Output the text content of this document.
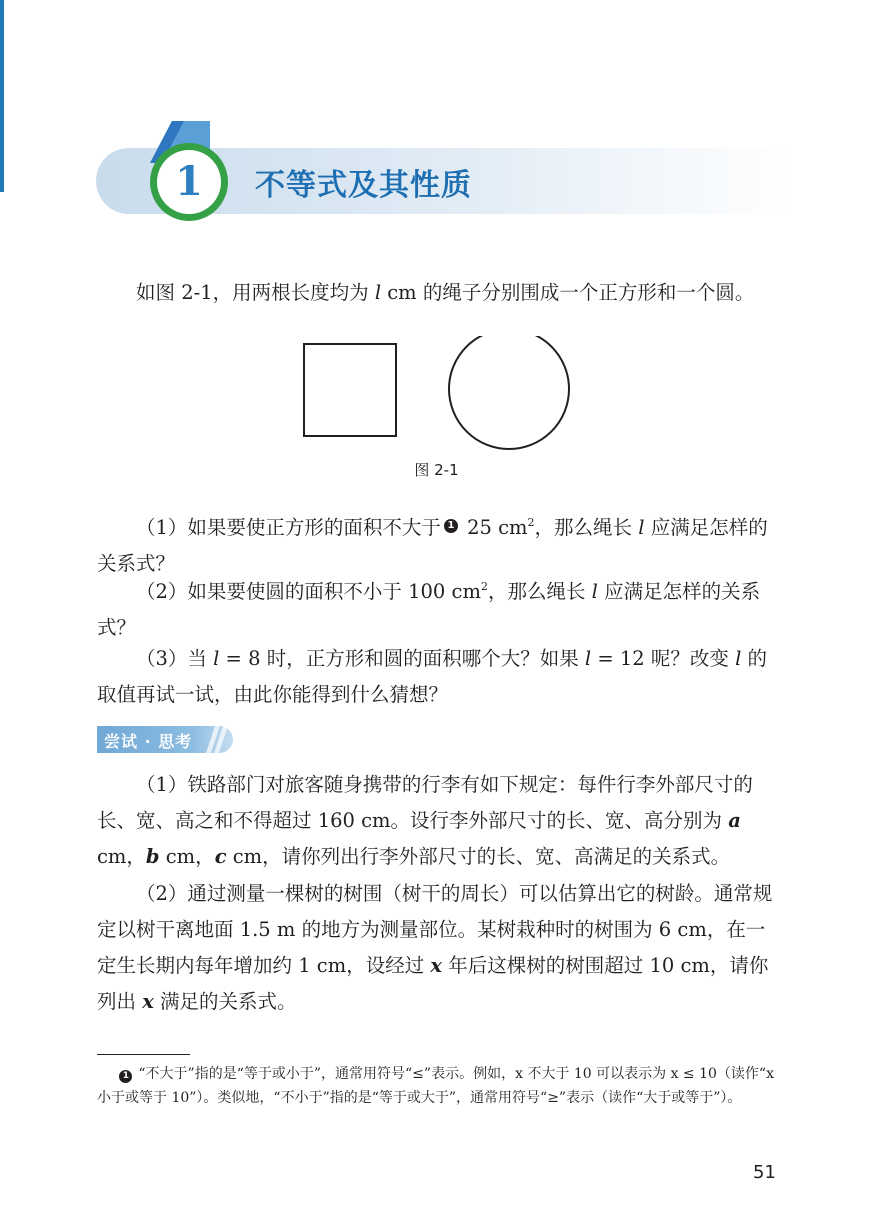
1 不等式及其性质
如图 2-1，用两根长度均为 l cm 的绳子分别围成一个正方形和一个圆。
图 2-1
（1）如果要使正方形的面积不大于 1 25 $cm^2$，那么绳长 l 应满足怎样的关系式？
（2）如果要使圆的面积不小于 100 $cm^2$，那么绳长 l 应满足怎样的关系式？
（3）当 l = 8 时，正方形和圆的面积哪个大？如果 l = 12 呢？改变 l 的取值再试一试，由此你能得到什么猜想？
尝试 · 思考
（1）铁路部门对旅客随身携带的行李有如下规定：每件行李外部尺寸的长、宽、高之和不得超过 160 cm。设行李外部尺寸的长、宽、高分别为 a cm，b cm，c cm，请你列出行李外部尺寸的长、宽、高满足的关系式。
（2）通过测量一棵树的树围（树干的周长）可以估算出它的树龄。通常规定以树干离地面 1.5 m 的地方为测量部位。某树栽种时的树围为 6 cm，在一定生长期内每年增加约 1 cm，设经过 x 年后这棵树的树围超过 10 cm，请你列出 x 满足的关系式。
1 “不大于”指的是“等于或小于”，通常用符号“≤”表示。例如，x 不大于 10 可以表示为 x ≤ 10（读作“x 小于或等于 10”）。类似地，“不小于”指的是“等于或大于”，通常用符号“≥”表示（读作“大于或等于”）。
51
